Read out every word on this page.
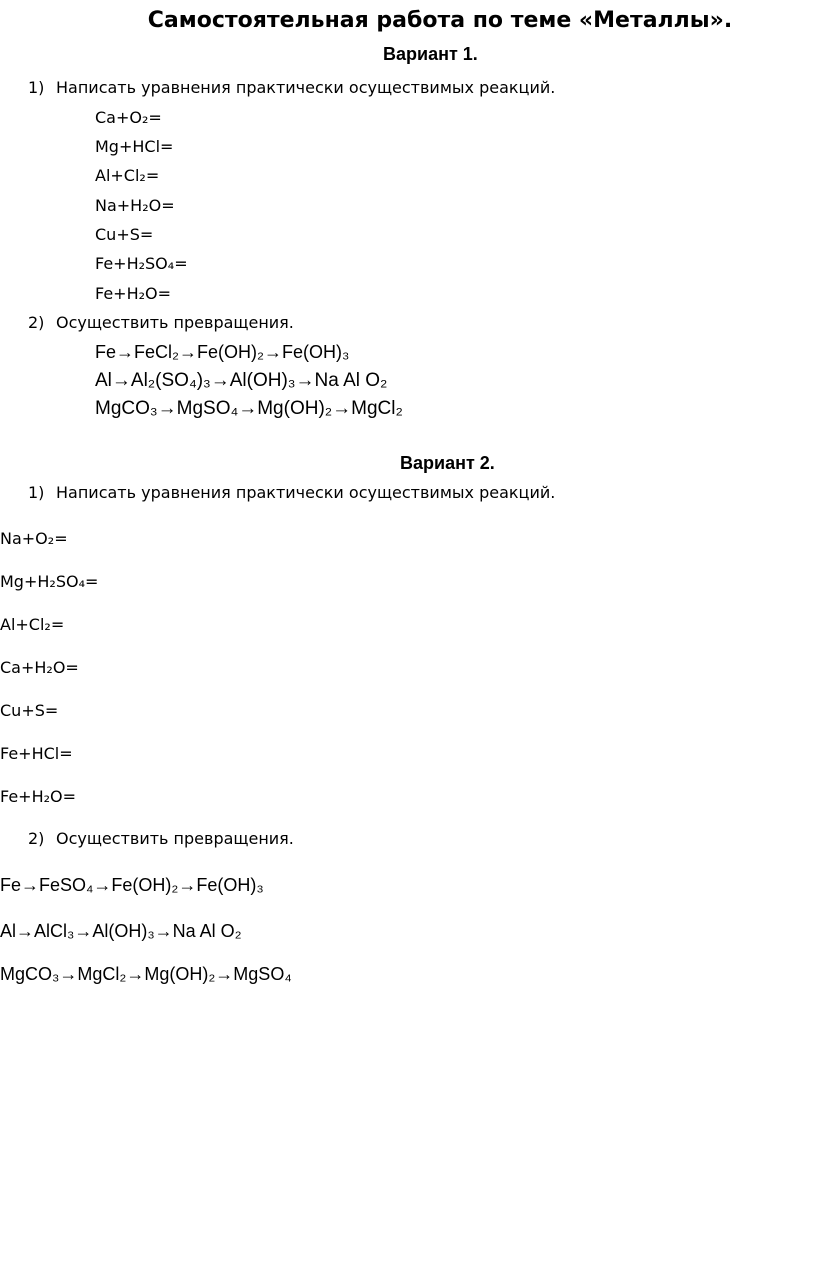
Самостоятельная работа по теме «Металлы».
Вариант 1.
1) Написать уравнения практически осуществимых реакций.
Ca+O₂=
Mg+HCl=
Al+Cl₂=
Na+H₂O=
Cu+S=
Fe+H₂SO₄=
Fe+H₂O=
2) Осуществить превращения.
Fe→FeCl₂→Fe(OH)₂→Fe(OH)₃
Al→Al₂(SO₄)₃→Al(OH)₃→Na Al O₂
MgCO₃→MgSO₄→Mg(OH)₂→MgCl₂
Вариант 2.
1) Написать уравнения практически осуществимых реакций.
Na+O₂=
Mg+H₂SO₄=
Al+Cl₂=
Ca+H₂O=
Cu+S=
Fe+HCl=
Fe+H₂O=
2) Осуществить превращения.
Fe→FeSO₄→Fe(OH)₂→Fe(OH)₃
Al→AlCl₃→Al(OH)₃→Na Al O₂
MgCO₃→MgCl₂→Mg(OH)₂→MgSO₄
